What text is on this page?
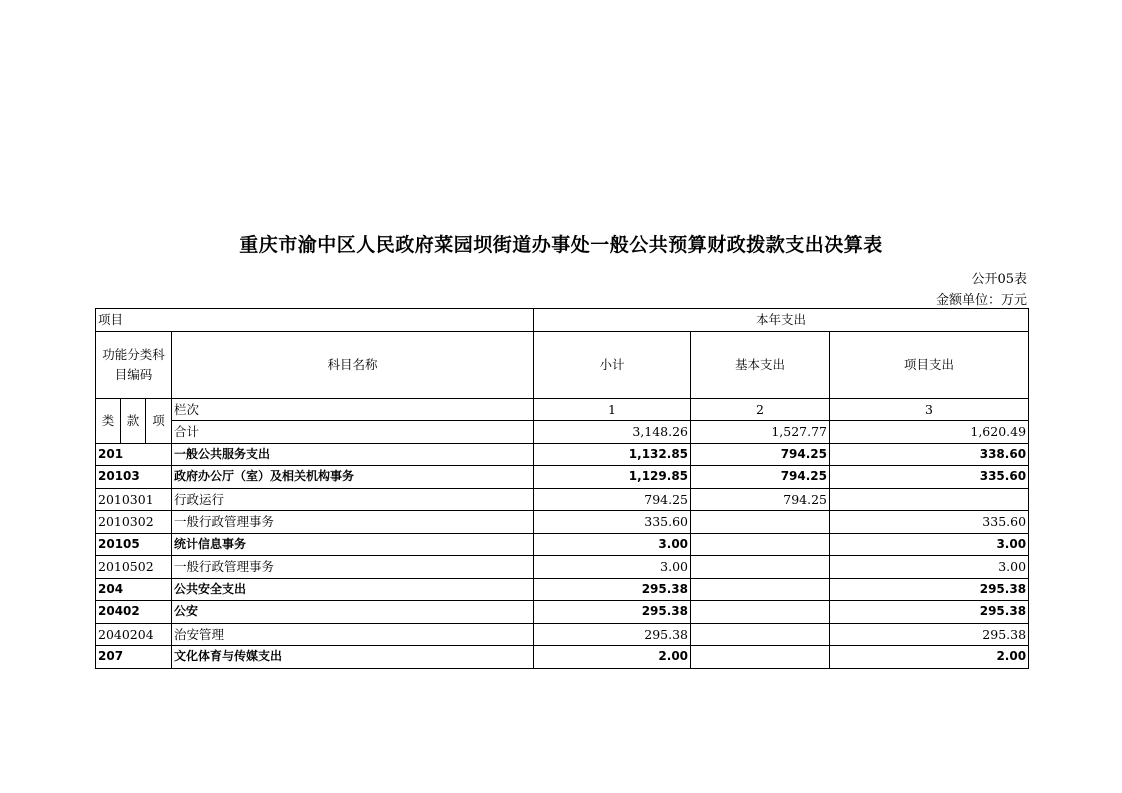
重庆市渝中区人民政府菜园坝街道办事处一般公共预算财政拨款支出决算表
公开05表
金额单位：万元
项目				本年支出		
功能分类科目编码			科目名称	小计	基本支出	项目支出
类	款	项	栏次	1	2	3
			合计	3,148.26	1,527.77	1,620.49
201			一般公共服务支出	1,132.85	794.25	338.60
20103			政府办公厅（室）及相关机构事务	1,129.85	794.25	335.60
2010301			行政运行	794.25	794.25	
2010302			一般行政管理事务	335.60		335.60
20105			统计信息事务	3.00		3.00
2010502			一般行政管理事务	3.00		3.00
204			公共安全支出	295.38		295.38
20402			公安	295.38		295.38
2040204			治安管理	295.38		295.38
207			文化体育与传媒支出	2.00		2.00
